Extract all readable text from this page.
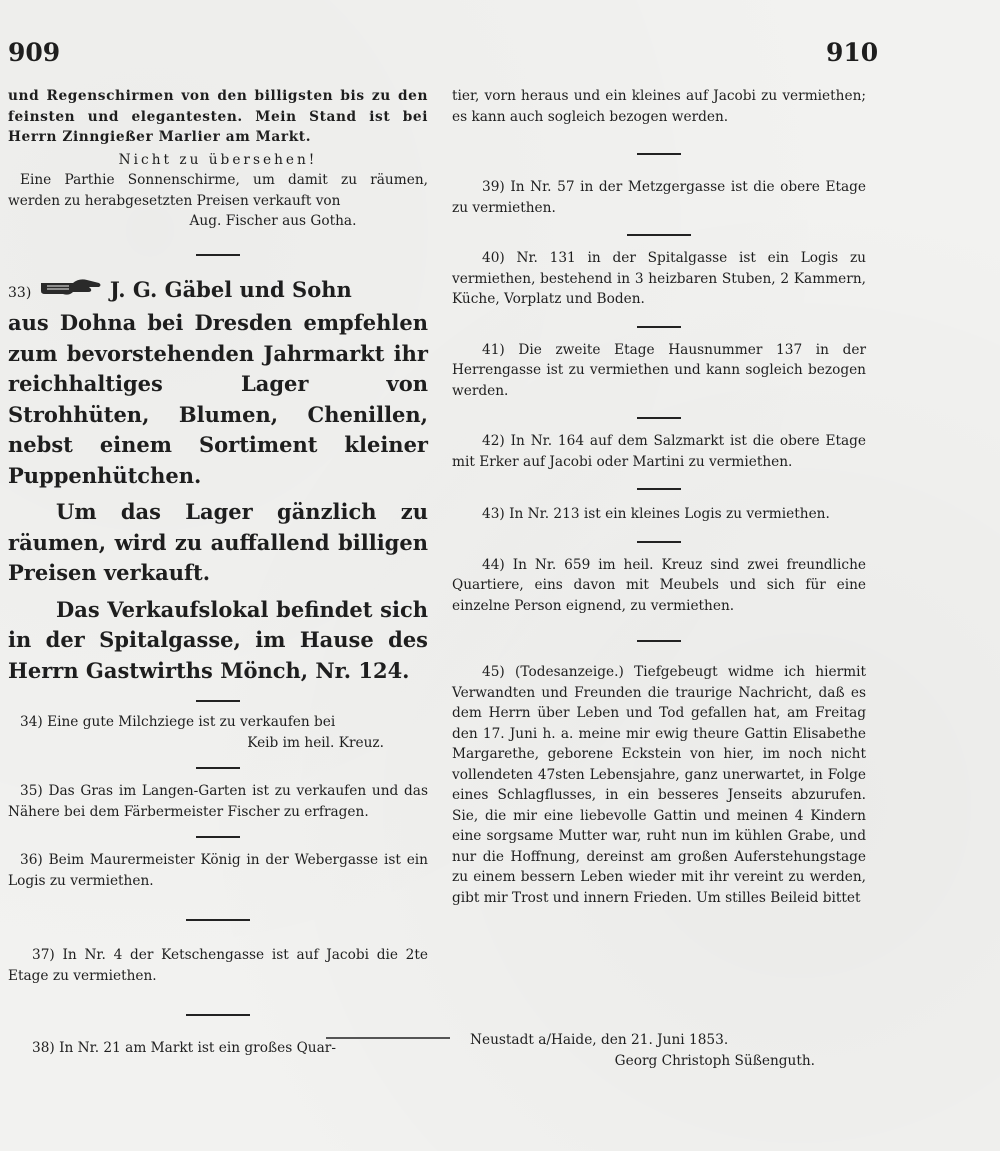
909	910

und Regenschirmen von den billigsten bis zu den feinsten und elegantesten. Mein Stand ist bei Herrn Zinngießer Marlier am Markt.

Nicht zu übersehen!

Eine Parthie Sonnenschirme, um damit zu räumen, werden zu herabgesetzten Preisen verkauft von

Aug. Fischer aus Gotha.

33)	J. G. Gäbel und Sohn

aus Dohna bei Dresden empfehlen zum bevorstehenden Jahrmarkt ihr reichhaltiges Lager von Strohhüten, Blumen, Chenillen, nebst einem Sortiment kleiner Puppenhütchen.

Um das Lager gänzlich zu räumen, wird zu auffallend billigen Preisen verkauft.

Das Verkaufslokal befindet sich in der Spitalgasse, im Hause des Herrn Gastwirths Mönch, Nr. 124.

34) Eine gute Milchziege ist zu verkaufen bei

Keib im heil. Kreuz.

35) Das Gras im Langen-Garten ist zu verkaufen und das Nähere bei dem Färbermeister Fischer zu erfragen.

36) Beim Maurermeister König in der Webergasse ist ein Logis zu vermiethen.

37) In Nr. 4 der Ketschengasse ist auf Jacobi die 2te Etage zu vermiethen.

38) In Nr. 21 am Markt ist ein großes Quar-

tier, vorn heraus und ein kleines auf Jacobi zu vermiethen; es kann auch sogleich bezogen werden.

39) In Nr. 57 in der Metzgergasse ist die obere Etage zu vermiethen.

40) Nr. 131 in der Spitalgasse ist ein Logis zu vermiethen, bestehend in 3 heizbaren Stuben, 2 Kammern, Küche, Vorplatz und Boden.

41) Die zweite Etage Hausnummer 137 in der Herrengasse ist zu vermiethen und kann sogleich bezogen werden.

42) In Nr. 164 auf dem Salzmarkt ist die obere Etage mit Erker auf Jacobi oder Martini zu vermiethen.

43) In Nr. 213 ist ein kleines Logis zu vermiethen.

44) In Nr. 659 im heil. Kreuz sind zwei freundliche Quartiere, eins davon mit Meubels und sich für eine einzelne Person eignend, zu vermiethen.

45) (Todesanzeige.) Tiefgebeugt widme ich hiermit Verwandten und Freunden die traurige Nachricht, daß es dem Herrn über Leben und Tod gefallen hat, am Freitag den 17. Juni h. a. meine mir ewig theure Gattin Elisabethe Margarethe, geborene Eckstein von hier, im noch nicht vollendeten 47sten Lebensjahre, ganz unerwartet, in Folge eines Schlagflusses, in ein besseres Jenseits abzurufen. Sie, die mir eine liebevolle Gattin und meinen 4 Kindern eine sorgsame Mutter war, ruht nun im kühlen Grabe, und nur die Hoffnung, dereinst am großen Auferstehungstage zu einem bessern Leben wieder mit ihr vereint zu werden, gibt mir Trost und innern Frieden. Um stilles Beileid bittet

Neustadt a/Haide, den 21. Juni 1853.

Georg Christoph Süßenguth.
